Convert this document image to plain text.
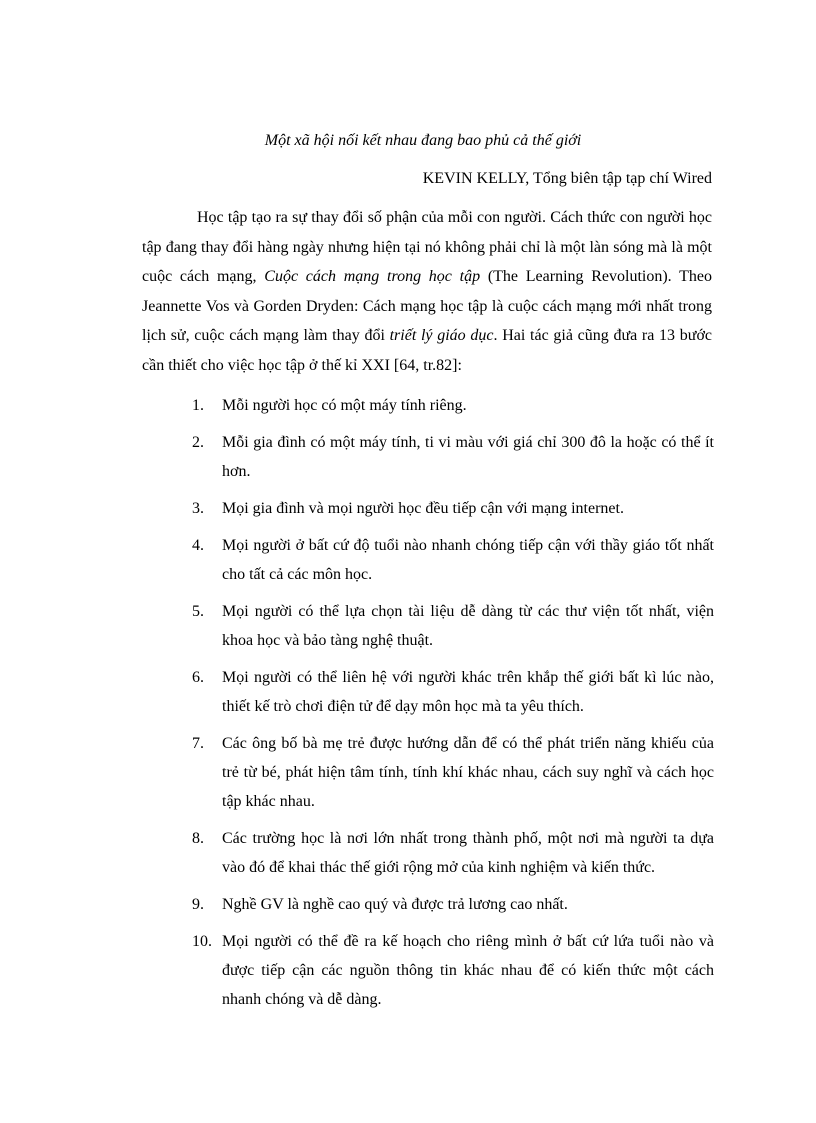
Một xã hội nối kết nhau đang bao phủ cả thế giới
KEVIN KELLY, Tổng biên tập tạp chí Wired

Học tập tạo ra sự thay đổi số phận của mỗi con người. Cách thức con người học tập đang thay đổi hàng ngày nhưng hiện tại nó không phải chỉ là một làn sóng mà là một cuộc cách mạng, Cuộc cách mạng trong học tập (The Learning Revolution). Theo Jeannette Vos và Gorden Dryden: Cách mạng học tập là cuộc cách mạng mới nhất trong lịch sử, cuộc cách mạng làm thay đổi triết lý giáo dục. Hai tác giả cũng đưa ra 13 bước cần thiết cho việc học tập ở thế kỉ XXI [64, tr.82]:

1. Mỗi người học có một máy tính riêng.
2. Mỗi gia đình có một máy tính, ti vi màu với giá chỉ 300 đô la hoặc có thể ít hơn.
3. Mọi gia đình và mọi người học đều tiếp cận với mạng internet.
4. Mọi người ở bất cứ độ tuổi nào nhanh chóng tiếp cận với thầy giáo tốt nhất cho tất cả các môn học.
5. Mọi người có thể lựa chọn tài liệu dễ dàng từ các thư viện tốt nhất, viện khoa học và bảo tàng nghệ thuật.
6. Mọi người có thể liên hệ với người khác trên khắp thế giới bất kì lúc nào, thiết kế trò chơi điện tử để dạy môn học mà ta yêu thích.
7. Các ông bố bà mẹ trẻ được hướng dẫn để có thể phát triển năng khiếu của trẻ từ bé, phát hiện tâm tính, tính khí khác nhau, cách suy nghĩ và cách học tập khác nhau.
8. Các trường học là nơi lớn nhất trong thành phố, một nơi mà người ta dựa vào đó để khai thác thế giới rộng mở của kinh nghiệm và kiến thức.
9. Nghề GV là nghề cao quý và được trả lương cao nhất.
10. Mọi người có thể đề ra kế hoạch cho riêng mình ở bất cứ lứa tuổi nào và được tiếp cận các nguồn thông tin khác nhau để có kiến thức một cách nhanh chóng và dễ dàng.
